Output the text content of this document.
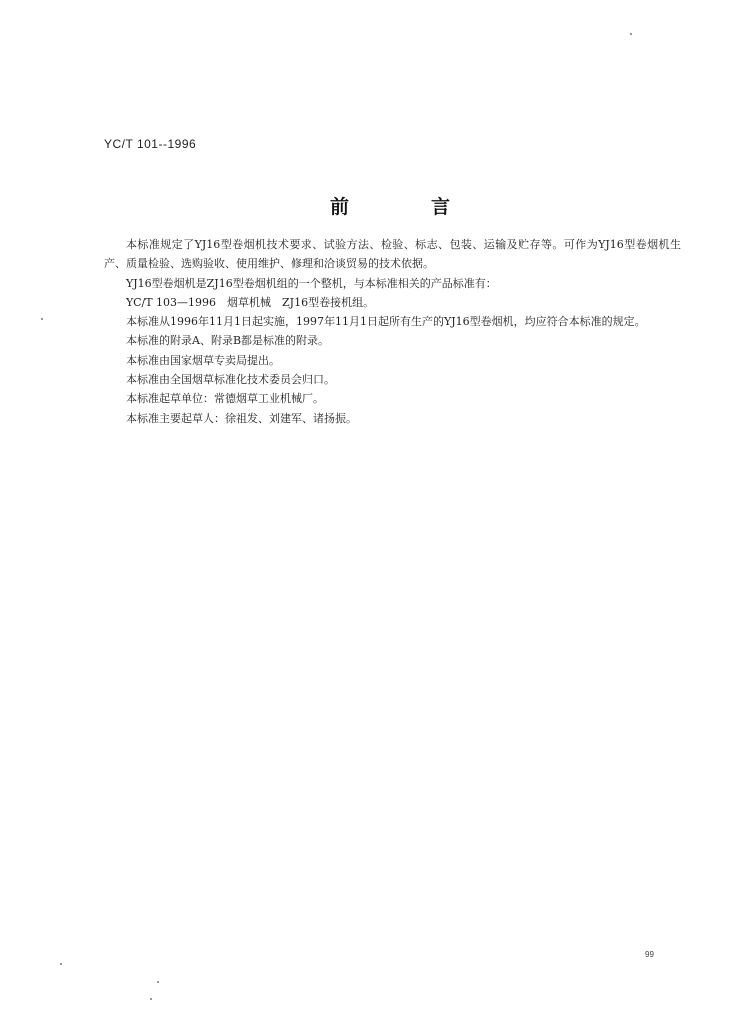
YC/T 101--1996
前	言

本标准规定了YJ16型卷烟机技术要求、试验方法、检验、标志、包装、运输及贮存等。可作为YJ16型卷烟机生产、质量检验、选购验收、使用维护、修理和洽谈贸易的技术依据。

YJ16型卷烟机是ZJ16型卷烟机组的一个整机，与本标准相关的产品标准有：

YC/T 103—1996　烟草机械　ZJ16型卷接机组。

本标准从1996年11月1日起实施，1997年11月1日起所有生产的YJ16型卷烟机，均应符合本标准的规定。

本标准的附录A、附录B都是标准的附录。

本标准由国家烟草专卖局提出。

本标准由全国烟草标准化技术委员会归口。

本标准起草单位：常德烟草工业机械厂。

本标准主要起草人：徐祖发、刘建军、诸扬振。

99
